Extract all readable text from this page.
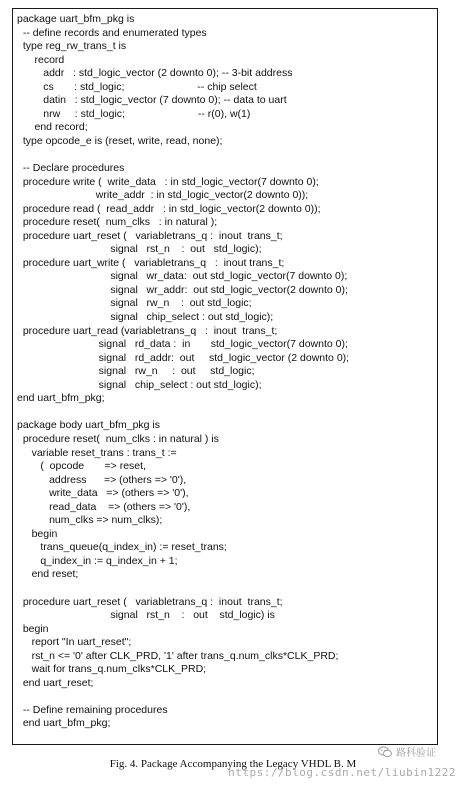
package uart_bfm_pkg is
-- define records and enumerated types
type reg_rw_trans_t is
record
addr   : std_logic_vector (2 downto 0); -- 3-bit address
cs       : std_logic;                         -- chip select
datin   : std_logic_vector (7 downto 0); -- data to uart
nrw     : std_logic;                         -- r(0), w(1)
end record;
type opcode_e is (reset, write, read, none);

-- Declare procedures
procedure write (  write_data   : in std_logic_vector(7 downto 0);
write_addr  : in std_logic_vector(2 downto 0));
procedure read (  read_addr   : in std_logic_vector(2 downto 0));
procedure reset(  num_clks   : in natural );
procedure uart_reset (   variabletrans_q :  inout  trans_t;
signal   rst_n    :  out   std_logic);
procedure uart_write (   variabletrans_q   :  inout trans_t;
signal   wr_data:  out std_logic_vector(7 downto 0);
signal   wr_addr:  out std_logic_vector(2 downto 0);
signal   rw_n    :  out std_logic;
signal   chip_select : out std_logic);
procedure uart_read (variabletrans_q   :  inout  trans_t;
signal   rd_data :  in       std_logic_vector(7 downto 0);
signal   rd_addr:  out     std_logic_vector (2 downto 0);
signal   rw_n     :  out     std_logic;
signal   chip_select : out std_logic);
end uart_bfm_pkg;

package body uart_bfm_pkg is
procedure reset(  num_clks : in natural ) is
variable reset_trans : trans_t :=
(  opcode       => reset,
address      => (others => '0'),
write_data   => (others => '0'),
read_data    => (others => '0'),
num_clks => num_clks);
begin
trans_queue(q_index_in) := reset_trans;
q_index_in := q_index_in + 1;
end reset;

procedure uart_reset (   variabletrans_q :  inout  trans_t;
signal   rst_n    :   out    std_logic) is
begin
report "In uart_reset";
rst_n <= '0' after CLK_PRD, '1' after trans_q.num_clks*CLK_PRD;
wait for trans_q.num_clks*CLK_PRD;
end uart_reset;

-- Define remaining procedures
end uart_bfm_pkg;
路科验证
Fig. 4. Package Accompanying the Legacy VHDL B. M
https://blog.csdn.net/liubin1222
